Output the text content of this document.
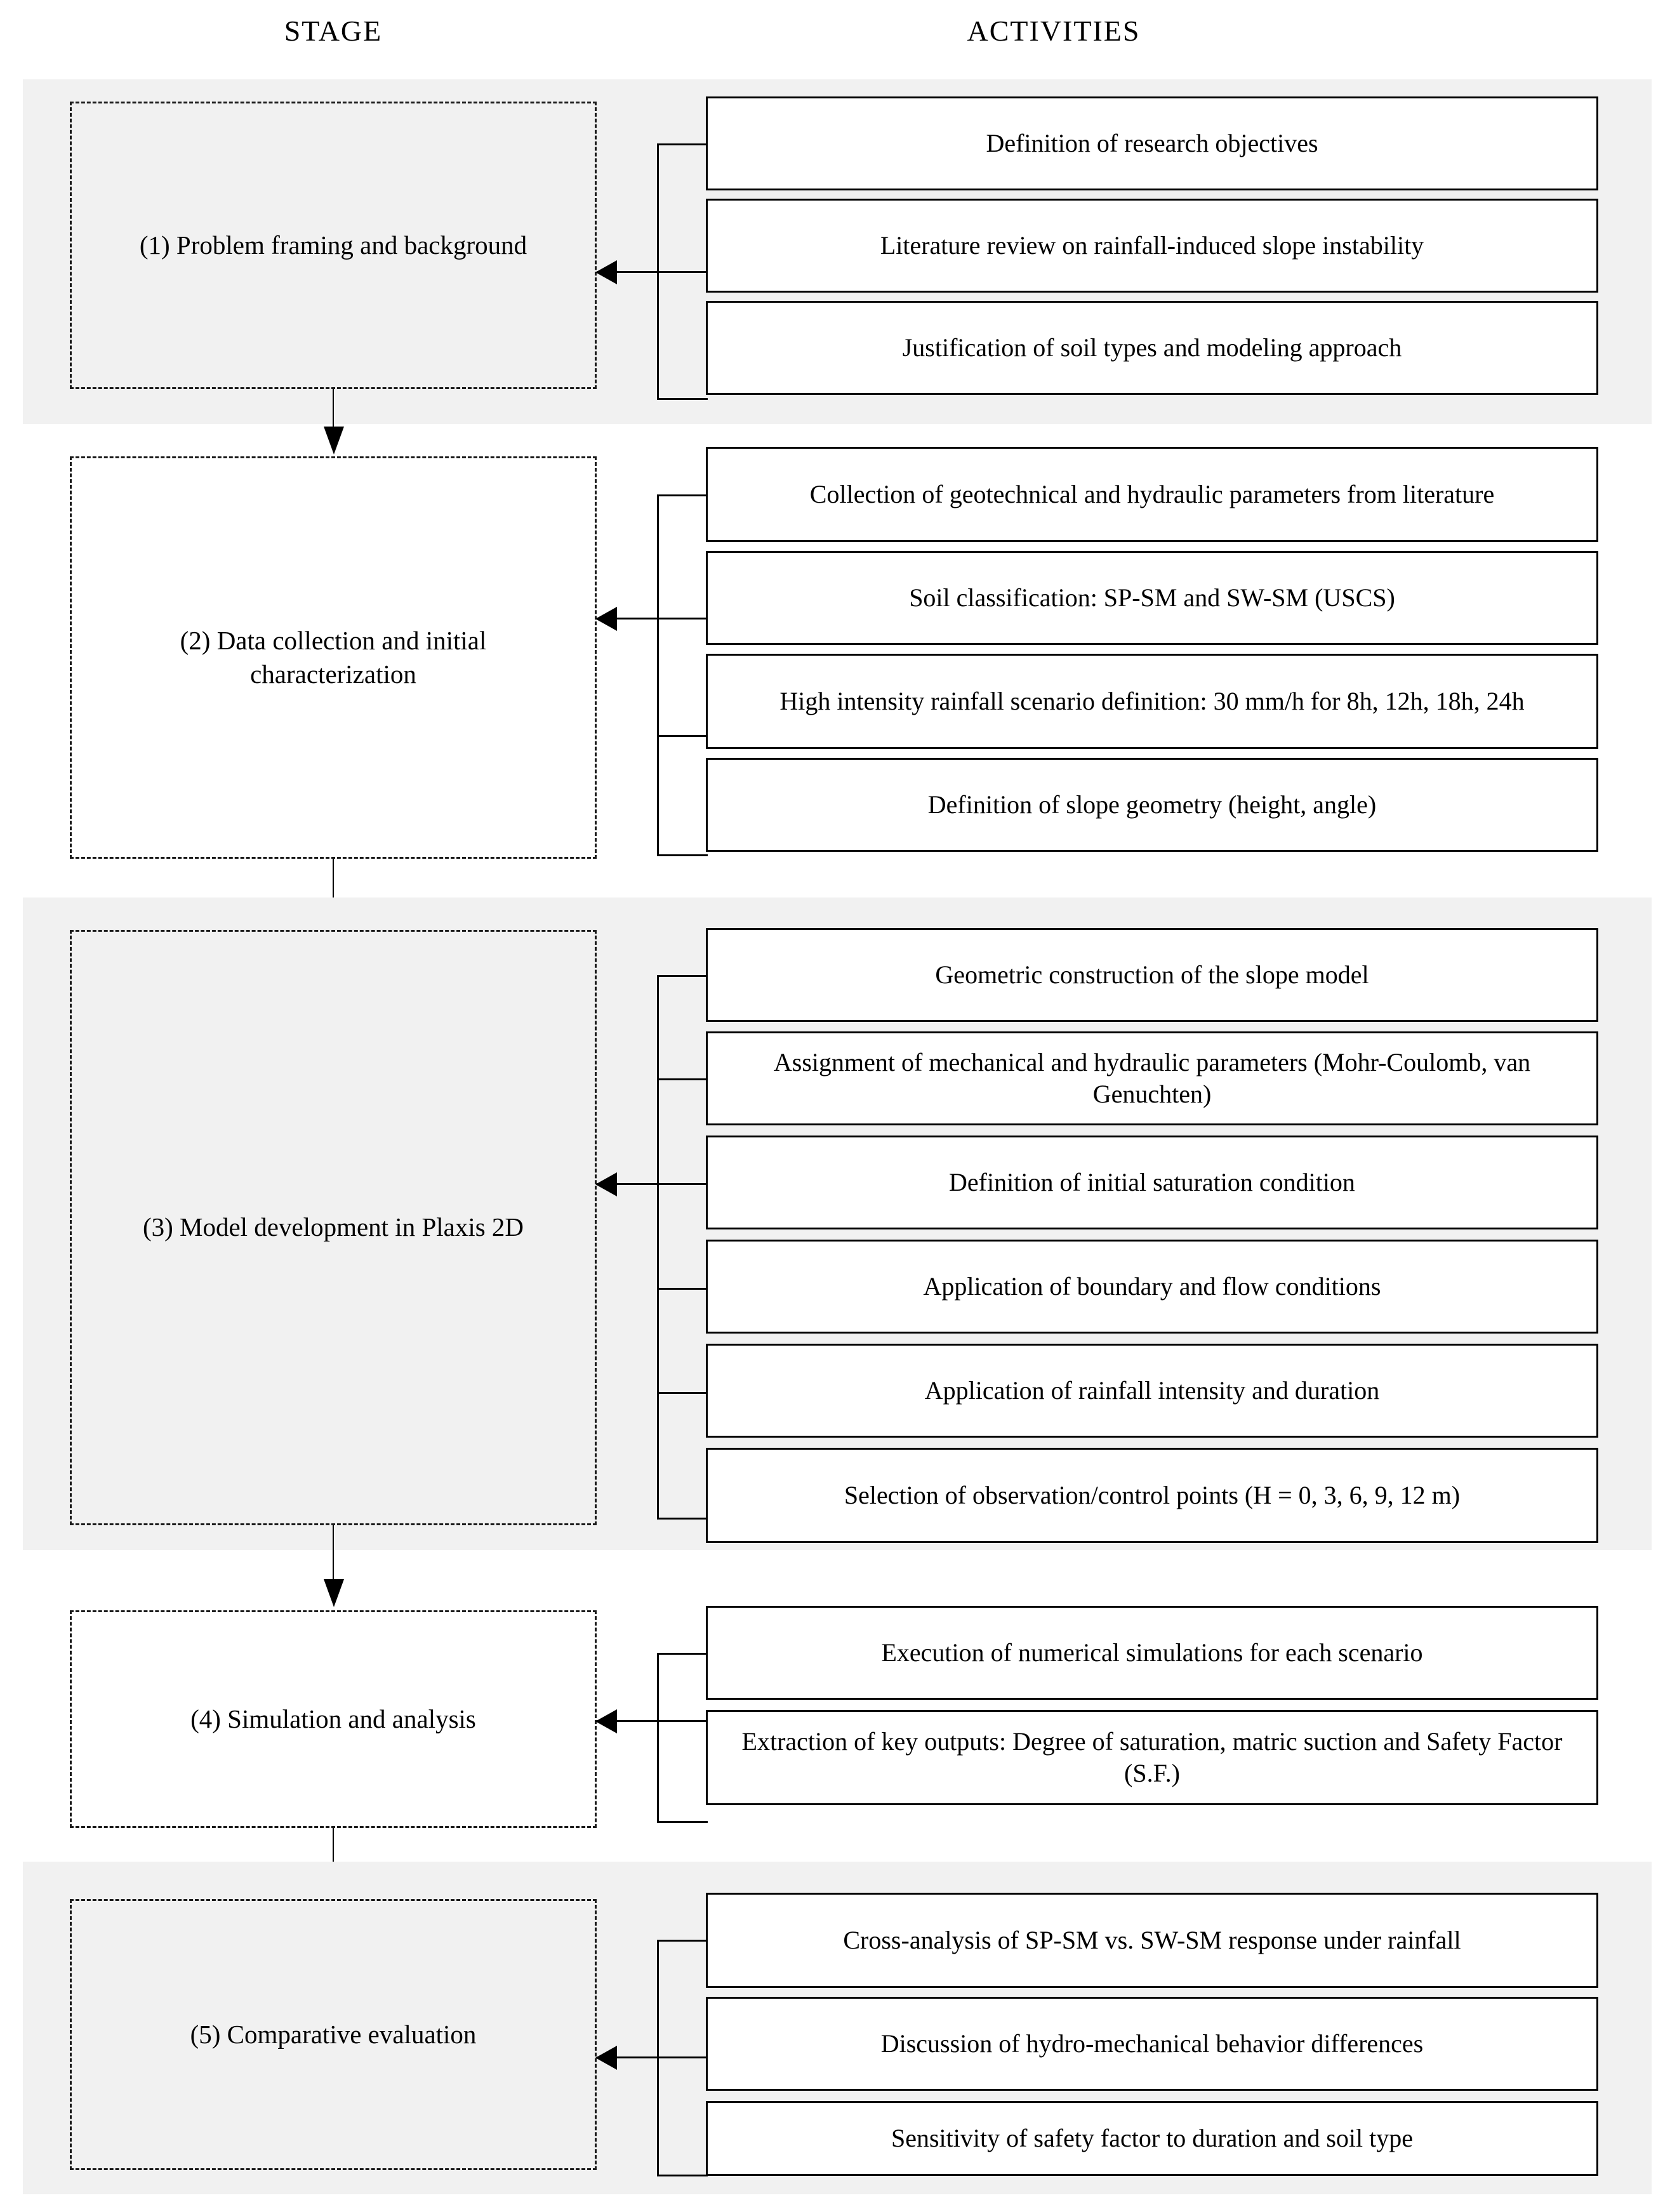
STAGE	ACTIVITIES
(1) Problem framing and background
Definition of research objectives
Literature review on rainfall-induced slope instability
Justification of soil types and modeling approach
(2) Data collection and initial characterization
Collection of geotechnical and hydraulic parameters from literature
Soil classification: SP-SM and SW-SM (USCS)
High intensity rainfall scenario definition: 30 mm/h for 8h, 12h, 18h, 24h
Definition of slope geometry (height, angle)
(3) Model development in Plaxis 2D
Geometric construction of the slope model
Assignment of mechanical and hydraulic parameters (Mohr-Coulomb, van Genuchten)
Definition of initial saturation condition
Application of boundary and flow conditions
Application of rainfall intensity and duration
Selection of observation/control points (H = 0, 3, 6, 9, 12 m)
(4) Simulation and analysis
Execution of numerical simulations for each scenario
Extraction of key outputs: Degree of saturation, matric suction and Safety Factor (S.F.)
(5) Comparative evaluation
Cross-analysis of SP-SM vs. SW-SM response under rainfall
Discussion of hydro-mechanical behavior differences
Sensitivity of safety factor to duration and soil type
